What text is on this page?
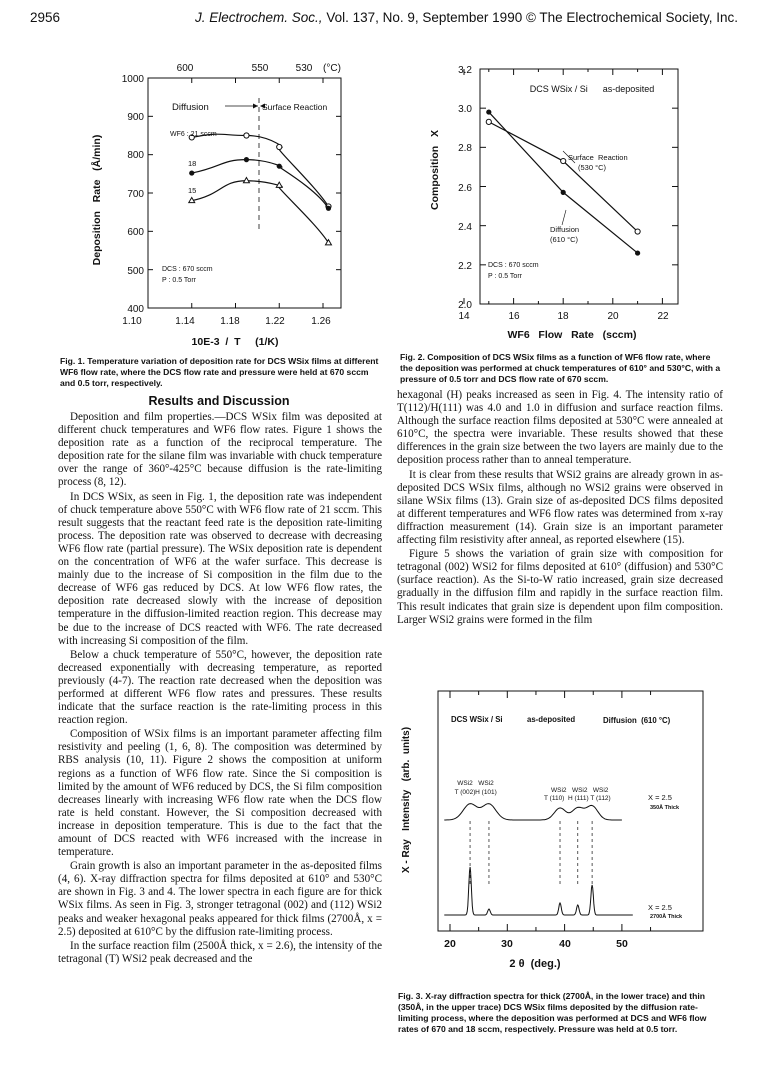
2956	J. Electrochem. Soc., Vol. 137, No. 9, September 1990 © The Electrochemical Society, Inc.
600	550	530 (°C)
1000
900
800
700
600
500
400
1.10	1.14	1.18	1.22	1.26
10E-3  /  T     (1/K)
Deposition   Rate   (Å/min)
Diffusion	Surface Reaction
WF6 : 21 sccm
18
15
DCS : 670 sccm
P : 0.5 Torr
Fig. 1. Temperature variation of deposition rate for DCS WSix films at different WF6 flow rate, where the DCS flow rate and pressure were held at 670 sccm and 0.5 torr, respectively.
3.2
3.0
2.8
2.6
2.4
2.2
2.0
14	16	18	20	22
WF6   Flow   Rate   (sccm)
Composition   X
DCS WSix / Si      as-deposited
Surface  Reaction
(530 °C)
Diffusion
(610 °C)
DCS : 670 sccm
P : 0.5 Torr
Fig. 2. Composition of DCS WSix films as a function of WF6 flow rate, where the deposition was performed at chuck temperatures of 610° and 530°C, with a pressure of 0.5 torr and DCS flow rate of 670 sccm.
Results and Discussion

Deposition and film properties.—DCS WSix film was deposited at different chuck temperatures and WF6 flow rates. Figure 1 shows the deposition rate as a function of the reciprocal temperature. The deposition rate for the silane film was invariable with chuck temperature over the range of 360°-425°C because diffusion is the rate-limiting process (8, 12).

In DCS WSix, as seen in Fig. 1, the deposition rate was independent of chuck temperature above 550°C with WF6 flow rate of 21 sccm. This result suggests that the reactant feed rate is the deposition rate-limiting process. The deposition rate was observed to decrease with decreasing WF6 flow rate (partial pressure). The WSix deposition rate is dependent on the concentration of WF6 at the wafer surface. This decrease is mainly due to the increase of Si composition in the film due to the decrease of WF6 gas reduced by DCS. At low WF6 flow rates, the deposition rate decreased slowly with the increase of deposition temperature in the diffusion-limited reaction region. This decrease may be due to the increase of DCS reacted with WF6. The rate decreased with increasing Si composition of the film.

Below a chuck temperature of 550°C, however, the deposition rate decreased exponentially with decreasing temperature, as reported previously (4-7). The reaction rate decreased when the deposition was performed at different WF6 flow rates and pressures. These results indicate that the surface reaction is the rate-limiting process in this reaction region.

Composition of WSix films is an important parameter affecting film resistivity and peeling (1, 6, 8). The composition was determined by RBS analysis (10, 11). Figure 2 shows the composition at uniform regions as a function of WF6 flow rate. Since the Si composition is limited by the amount of WF6 reduced by DCS, the Si film composition decreases linearly with increasing WF6 flow rate when the DCS flow rate is held constant. However, the Si composition decreased with increase in deposition temperature. This is due to the fact that the amount of DCS reacted with WF6 increased with the increase in temperature.

Grain growth is also an important parameter in the as-deposited films (4, 6). X-ray diffraction spectra for films deposited at 610° and 530°C are shown in Fig. 3 and 4. The lower spectra in each figure are for thick WSix films. As seen in Fig. 3, stronger tetragonal (002) and (112) WSi2 peaks and weaker hexagonal peaks appeared for thick films (2700Å, x = 2.5) deposited at 610°C by the diffusion rate-limiting process.

In the surface reaction film (2500Å thick, x = 2.6), the intensity of the tetragonal (T) WSi2 peak decreased and the

hexagonal (H) peaks increased as seen in Fig. 4. The intensity ratio of T(112)/H(111) was 4.0 and 1.0 in diffusion and surface reaction films. Although the surface reaction films deposited at 530°C were annealed at 610°C, the spectra were invariable. These results showed that these differences in the grain size between the two layers are mainly due to the deposition process rather than to anneal temperature.

It is clear from these results that WSi2 grains are already grown in as-deposited DCS WSix films, although no WSi2 grains were observed in silane WSix films (13). Grain size of as-deposited DCS films deposited at different temperatures and WF6 flow rates was determined from x-ray diffraction measurement (14). Grain size is an important parameter affecting film resistivity after anneal, as reported elsewhere (15).

Figure 5 shows the variation of grain size with composition for tetragonal (002) WSi2 for films deposited at 610° (diffusion) and 530°C (surface reaction). As the Si-to-W ratio increased, grain size decreased gradually in the diffusion film and rapidly in the surface reaction film. This result indicates that grain size is dependent upon film composition. Larger WSi2 grains were formed in the film

20	30	40	50
2 θ  (deg.)
X - Ray   Intensity   (arb.  units)
DCS WSix / Si	as-deposited	Diffusion  (610 °C)
WSi2
T (002)
WSi2
H (101)	WSi2   WSi2   WSi2
T (110)  H (111) T (112)	X = 2.5
350Å Thick
X = 2.5
2700Å Thick
Fig. 3. X-ray diffraction spectra for thick (2700Å, in the lower trace) and thin (350Å, in the upper trace) DCS WSix films deposited by the diffusion rate-limiting process, where the deposition was performed at DCS and WF6 flow rates of 670 and 18 sccm, respectively. Pressure was held at 0.5 torr.
